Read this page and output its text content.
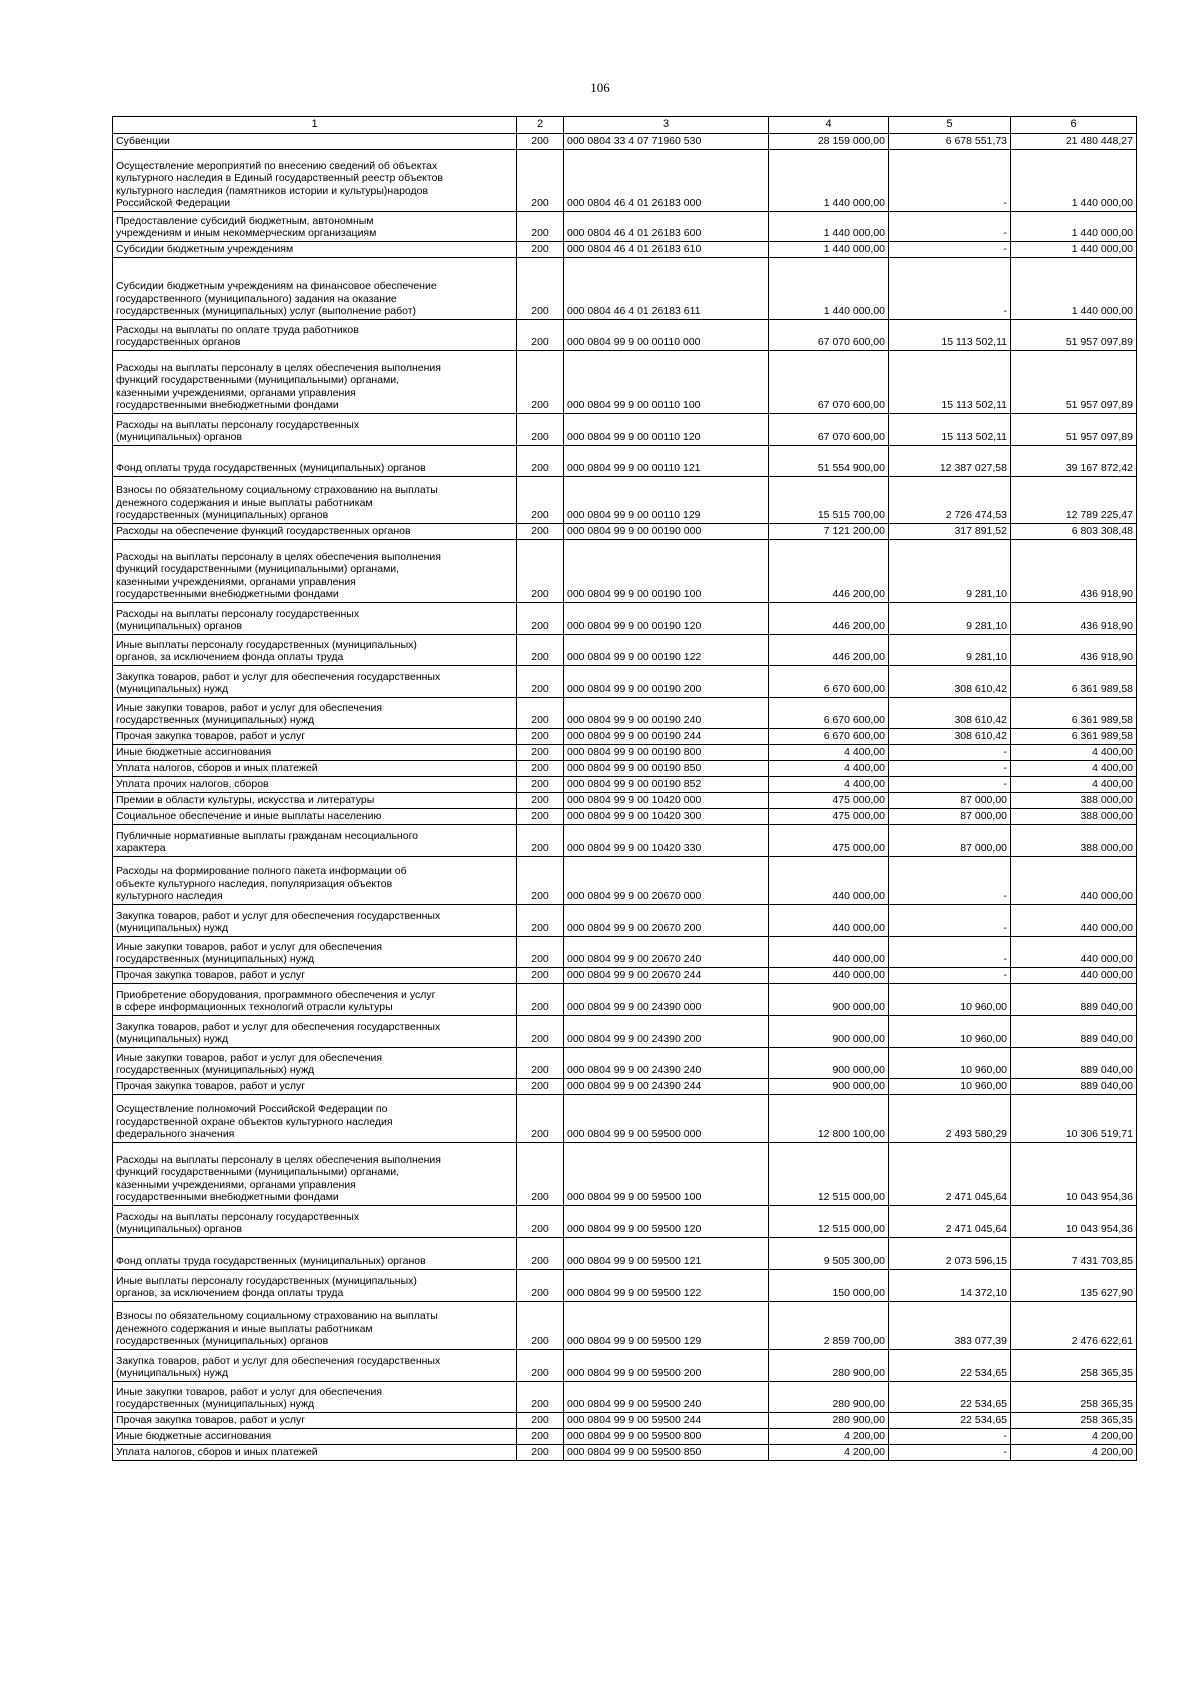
106
1	2	3	4	5	6
Субвенции	200	000 0804 33 4 07 71960 530	28 159 000,00	6 678 551,73	21 480 448,27
Осуществление мероприятий по внесению сведений об объектах
культурного наследия в Единый государственный реестр объектов
культурного наследия (памятников истории и культуры)народов
Российской Федерации	200	000 0804 46 4 01 26183 000	1 440 000,00	-	1 440 000,00
Предоставление субсидий бюджетным, автономным
учреждениям и иным некоммерческим организациям	200	000 0804 46 4 01 26183 600	1 440 000,00	-	1 440 000,00
Субсидии бюджетным учреждениям	200	000 0804 46 4 01 26183 610	1 440 000,00	-	1 440 000,00
Субсидии бюджетным учреждениям на финансовое обеспечение
государственного (муниципального) задания на оказание
государственных (муниципальных) услуг (выполнение работ)	200	000 0804 46 4 01 26183 611	1 440 000,00	-	1 440 000,00
Расходы на выплаты по оплате труда работников
государственных органов	200	000 0804 99 9 00 00110 000	67 070 600,00	15 113 502,11	51 957 097,89
Расходы на выплаты персоналу в целях обеспечения выполнения
функций государственными (муниципальными) органами,
казенными учреждениями, органами управления
государственными внебюджетными фондами	200	000 0804 99 9 00 00110 100	67 070 600,00	15 113 502,11	51 957 097,89
Расходы на выплаты персоналу государственных
(муниципальных) органов	200	000 0804 99 9 00 00110 120	67 070 600,00	15 113 502,11	51 957 097,89
Фонд оплаты труда государственных (муниципальных) органов	200	000 0804 99 9 00 00110 121	51 554 900,00	12 387 027,58	39 167 872,42
Взносы по обязательному социальному страхованию на выплаты
денежного содержания и иные выплаты работникам
государственных (муниципальных) органов	200	000 0804 99 9 00 00110 129	15 515 700,00	2 726 474,53	12 789 225,47
Расходы на обеспечение функций государственных органов	200	000 0804 99 9 00 00190 000	7 121 200,00	317 891,52	6 803 308,48
Расходы на выплаты персоналу в целях обеспечения выполнения
функций государственными (муниципальными) органами,
казенными учреждениями, органами управления
государственными внебюджетными фондами	200	000 0804 99 9 00 00190 100	446 200,00	9 281,10	436 918,90
Расходы на выплаты персоналу государственных
(муниципальных) органов	200	000 0804 99 9 00 00190 120	446 200,00	9 281,10	436 918,90
Иные выплаты персоналу государственных (муниципальных)
органов, за исключением фонда оплаты труда	200	000 0804 99 9 00 00190 122	446 200,00	9 281,10	436 918,90
Закупка товаров, работ и услуг для обеспечения государственных
(муниципальных) нужд	200	000 0804 99 9 00 00190 200	6 670 600,00	308 610,42	6 361 989,58
Иные закупки товаров, работ и услуг для обеспечения
государственных (муниципальных) нужд	200	000 0804 99 9 00 00190 240	6 670 600,00	308 610,42	6 361 989,58
Прочая закупка товаров, работ и услуг	200	000 0804 99 9 00 00190 244	6 670 600,00	308 610,42	6 361 989,58
Иные бюджетные ассигнования	200	000 0804 99 9 00 00190 800	4 400,00	-	4 400,00
Уплата налогов, сборов и иных платежей	200	000 0804 99 9 00 00190 850	4 400,00	-	4 400,00
Уплата прочих налогов, сборов	200	000 0804 99 9 00 00190 852	4 400,00	-	4 400,00
Премии в области культуры, искусства и литературы	200	000 0804 99 9 00 10420 000	475 000,00	87 000,00	388 000,00
Социальное обеспечение и иные выплаты населению	200	000 0804 99 9 00 10420 300	475 000,00	87 000,00	388 000,00
Публичные нормативные выплаты гражданам несоциального
характера	200	000 0804 99 9 00 10420 330	475 000,00	87 000,00	388 000,00
Расходы на формирование полного пакета информации об
объекте культурного наследия, популяризация объектов
культурного наследия	200	000 0804 99 9 00 20670 000	440 000,00	-	440 000,00
Закупка товаров, работ и услуг для обеспечения государственных
(муниципальных) нужд	200	000 0804 99 9 00 20670 200	440 000,00	-	440 000,00
Иные закупки товаров, работ и услуг для обеспечения
государственных (муниципальных) нужд	200	000 0804 99 9 00 20670 240	440 000,00	-	440 000,00
Прочая закупка товаров, работ и услуг	200	000 0804 99 9 00 20670 244	440 000,00	-	440 000,00
Приобретение оборудования, программного обеспечения и услуг
в сфере информационных технологий отрасли культуры	200	000 0804 99 9 00 24390 000	900 000,00	10 960,00	889 040,00
Закупка товаров, работ и услуг для обеспечения государственных
(муниципальных) нужд	200	000 0804 99 9 00 24390 200	900 000,00	10 960,00	889 040,00
Иные закупки товаров, работ и услуг для обеспечения
государственных (муниципальных) нужд	200	000 0804 99 9 00 24390 240	900 000,00	10 960,00	889 040,00
Прочая закупка товаров, работ и услуг	200	000 0804 99 9 00 24390 244	900 000,00	10 960,00	889 040,00
Осуществление полномочий Российской Федерации по
государственной охране объектов культурного наследия
федерального значения	200	000 0804 99 9 00 59500 000	12 800 100,00	2 493 580,29	10 306 519,71
Расходы на выплаты персоналу в целях обеспечения выполнения
функций государственными (муниципальными) органами,
казенными учреждениями, органами управления
государственными внебюджетными фондами	200	000 0804 99 9 00 59500 100	12 515 000,00	2 471 045,64	10 043 954,36
Расходы на выплаты персоналу государственных
(муниципальных) органов	200	000 0804 99 9 00 59500 120	12 515 000,00	2 471 045,64	10 043 954,36
Фонд оплаты труда государственных (муниципальных) органов	200	000 0804 99 9 00 59500 121	9 505 300,00	2 073 596,15	7 431 703,85
Иные выплаты персоналу государственных (муниципальных)
органов, за исключением фонда оплаты труда	200	000 0804 99 9 00 59500 122	150 000,00	14 372,10	135 627,90
Взносы по обязательному социальному страхованию на выплаты
денежного содержания и иные выплаты работникам
государственных (муниципальных) органов	200	000 0804 99 9 00 59500 129	2 859 700,00	383 077,39	2 476 622,61
Закупка товаров, работ и услуг для обеспечения государственных
(муниципальных) нужд	200	000 0804 99 9 00 59500 200	280 900,00	22 534,65	258 365,35
Иные закупки товаров, работ и услуг для обеспечения
государственных (муниципальных) нужд	200	000 0804 99 9 00 59500 240	280 900,00	22 534,65	258 365,35
Прочая закупка товаров, работ и услуг	200	000 0804 99 9 00 59500 244	280 900,00	22 534,65	258 365,35
Иные бюджетные ассигнования	200	000 0804 99 9 00 59500 800	4 200,00	-	4 200,00
Уплата налогов, сборов и иных платежей	200	000 0804 99 9 00 59500 850	4 200,00	-	4 200,00
